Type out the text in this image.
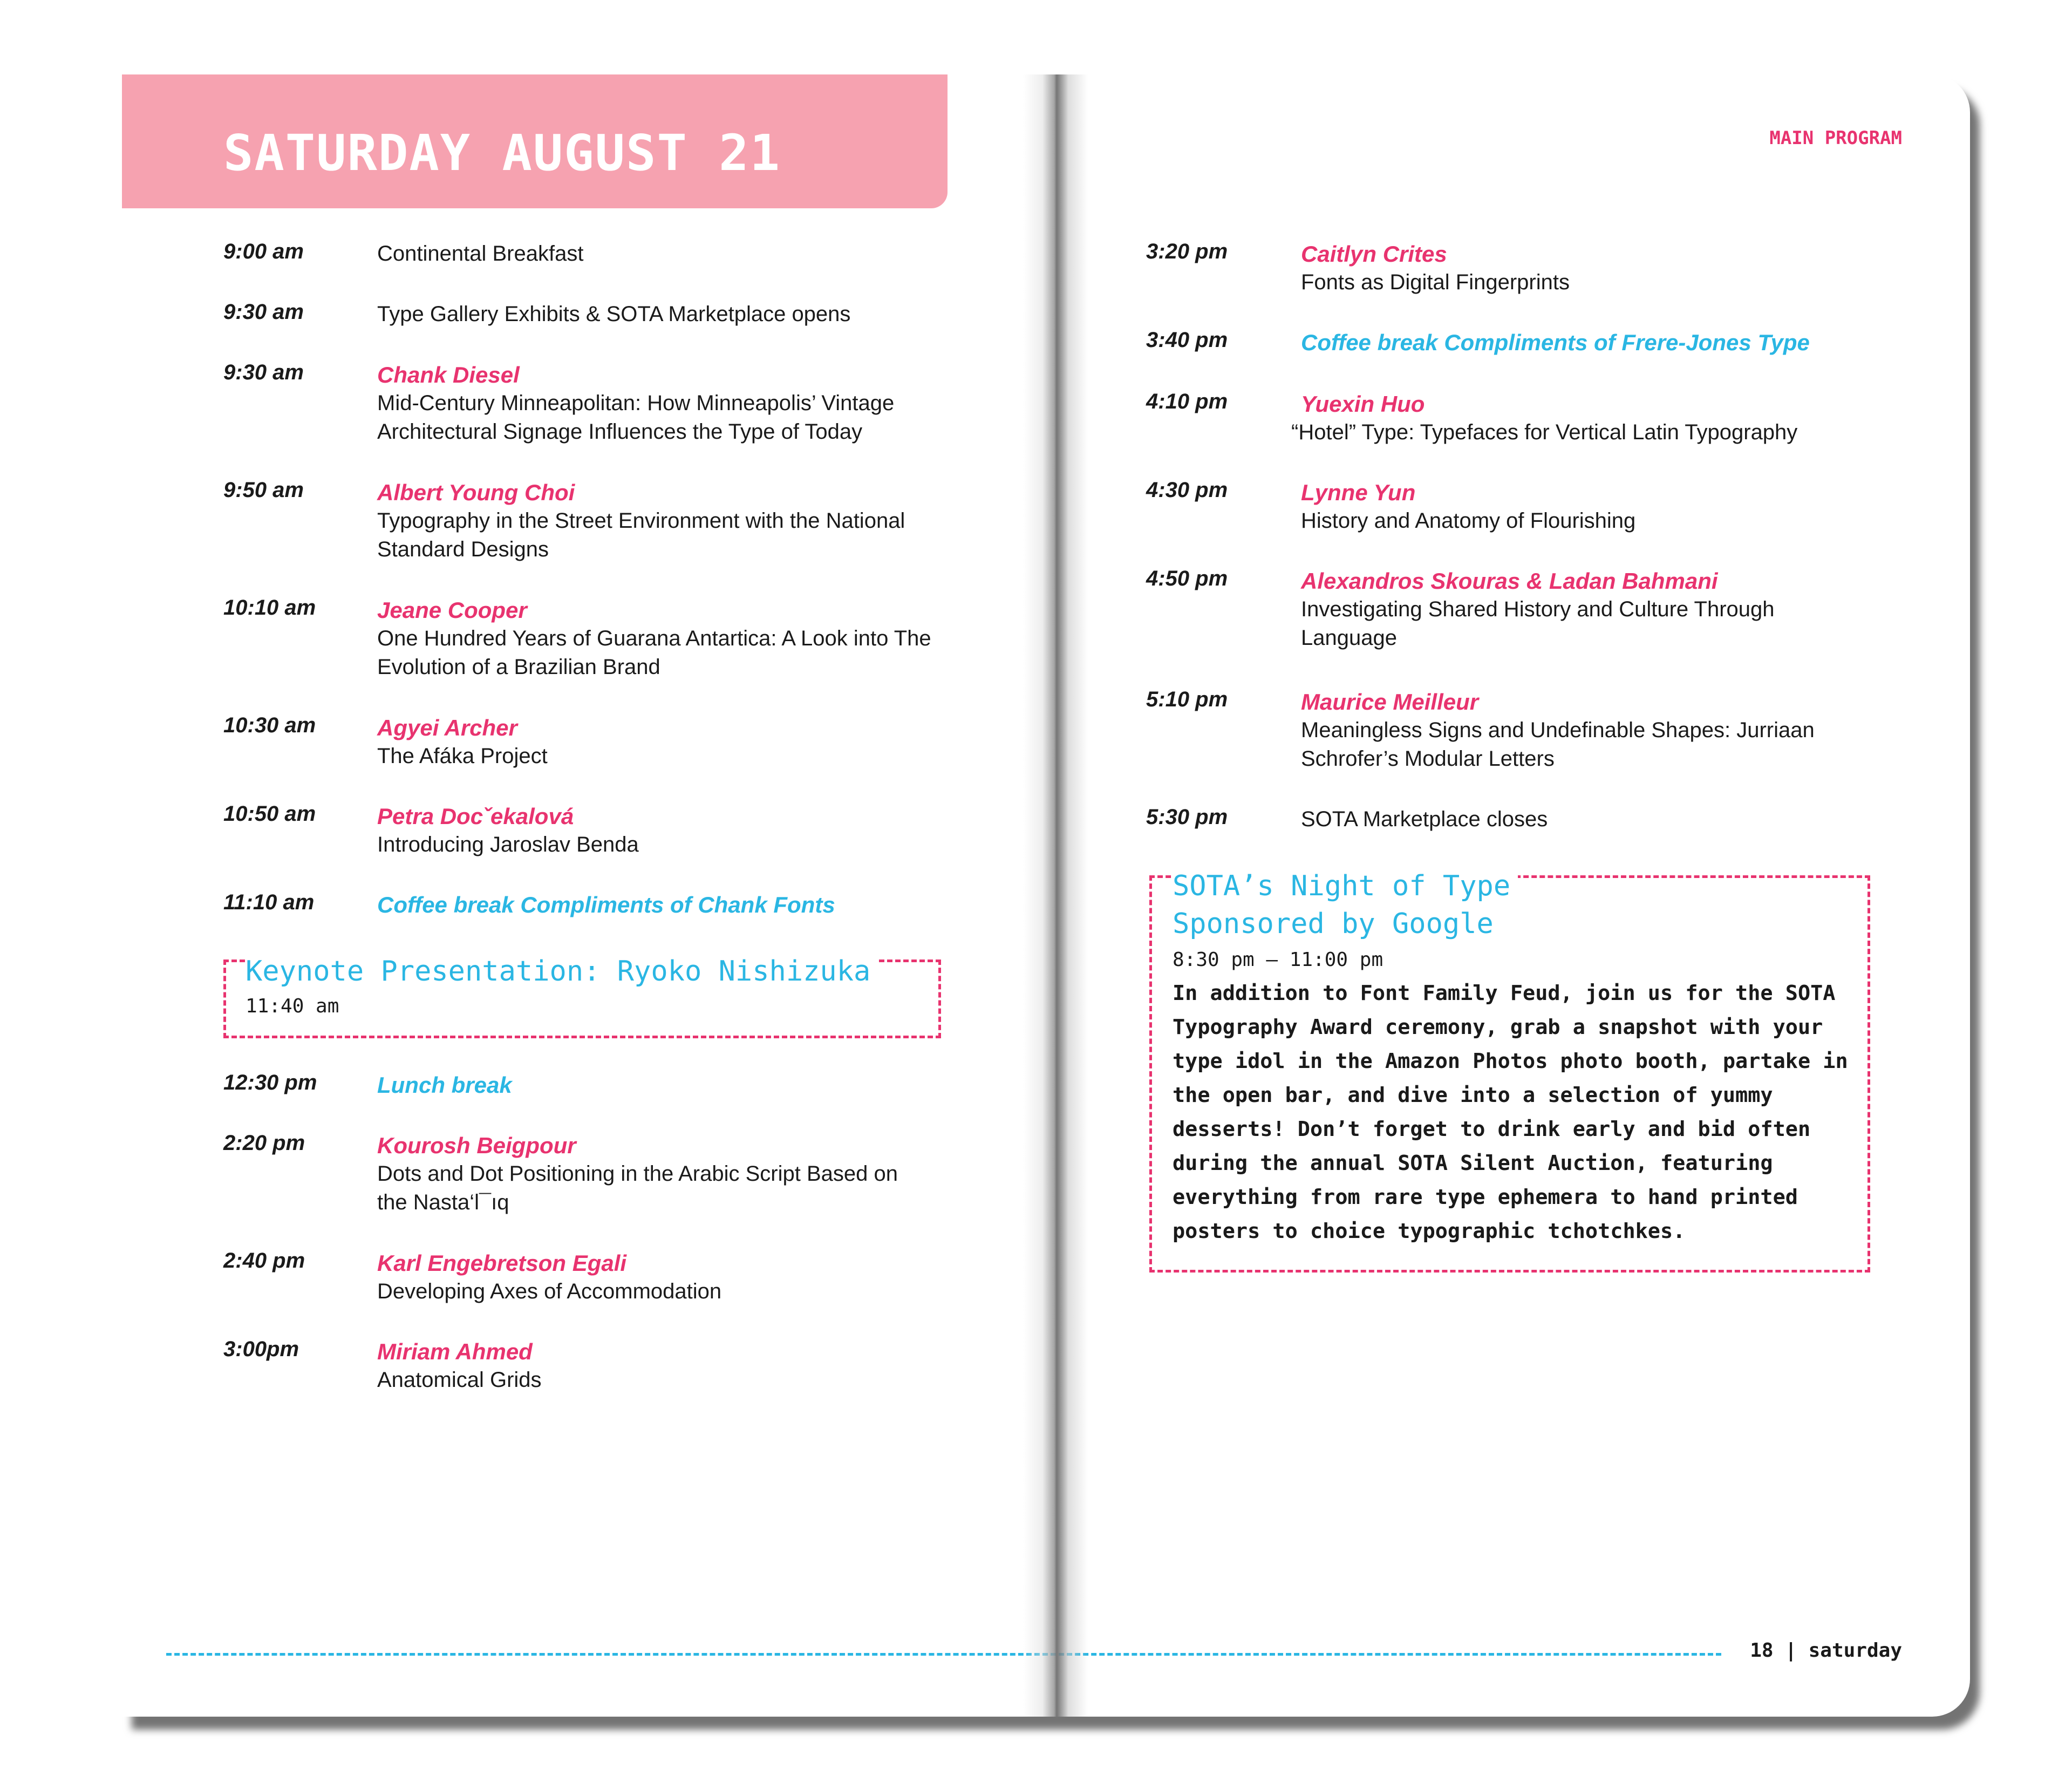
SATURDAY AUGUST 21	MAIN PROGRAM
9:00 am	Continental Breakfast

9:30 am	Type Gallery Exhibits & SOTA Marketplace opens

9:30 am	Chank Diesel

Mid-Century Minneapolitan: How Minneapolis’ Vintage Architectural Signage Influences the Type of Today

9:50 am	Albert Young Choi

Typography in the Street Environment with the National Standard Designs

10:10 am	Jeane Cooper

One Hundred Years of Guarana Antartica: A Look into The Evolution of a Brazilian Brand

10:30 am	Agyei Archer

The Afáka Project

10:50 am	Petra Docˇekalová

Introducing Jaroslav Benda

11:10 am	Coffee break Compliments of Chank Fonts

Keynote Presentation: Ryoko Nishizuka

11:40 am

12:30 pm	Lunch break

2:20 pm	Kourosh Beigpour

Dots and Dot Positioning in the Arabic Script Based on the Nasta‘l¯ıq

2:40 pm	Karl Engebretson Egali

Developing Axes of Accommodation

3:00pm	Miriam Ahmed

Anatomical Grids

3:20 pm	Caitlyn Crites

Fonts as Digital Fingerprints

3:40 pm	Coffee break Compliments of Frere-Jones Type

4:10 pm	Yuexin Huo

“Hotel” Type: Typefaces for Vertical Latin Typography

4:30 pm	Lynne Yun

History and Anatomy of Flourishing

4:50 pm	Alexandros Skouras & Ladan Bahmani

Investigating Shared History and Culture Through Language

5:10 pm	Maurice Meilleur

Meaningless Signs and Undefinable Shapes: Jurriaan Schrofer’s Modular Letters

5:30 pm	SOTA Marketplace closes

SOTA’s Night of Type

Sponsored by Google

8:30 pm – 11:00 pm

In addition to Font Family Feud, join us for the SOTA Typography Award ceremony, grab a snapshot with your type idol in the Amazon Photos photo booth, partake in the open bar, and dive into a selection of yummy desserts! Don’t forget to drink early and bid often during the annual SOTA Silent Auction, featuring everything from rare type ephemera to hand printed posters to choice typographic tchotchkes.

18 | saturday
